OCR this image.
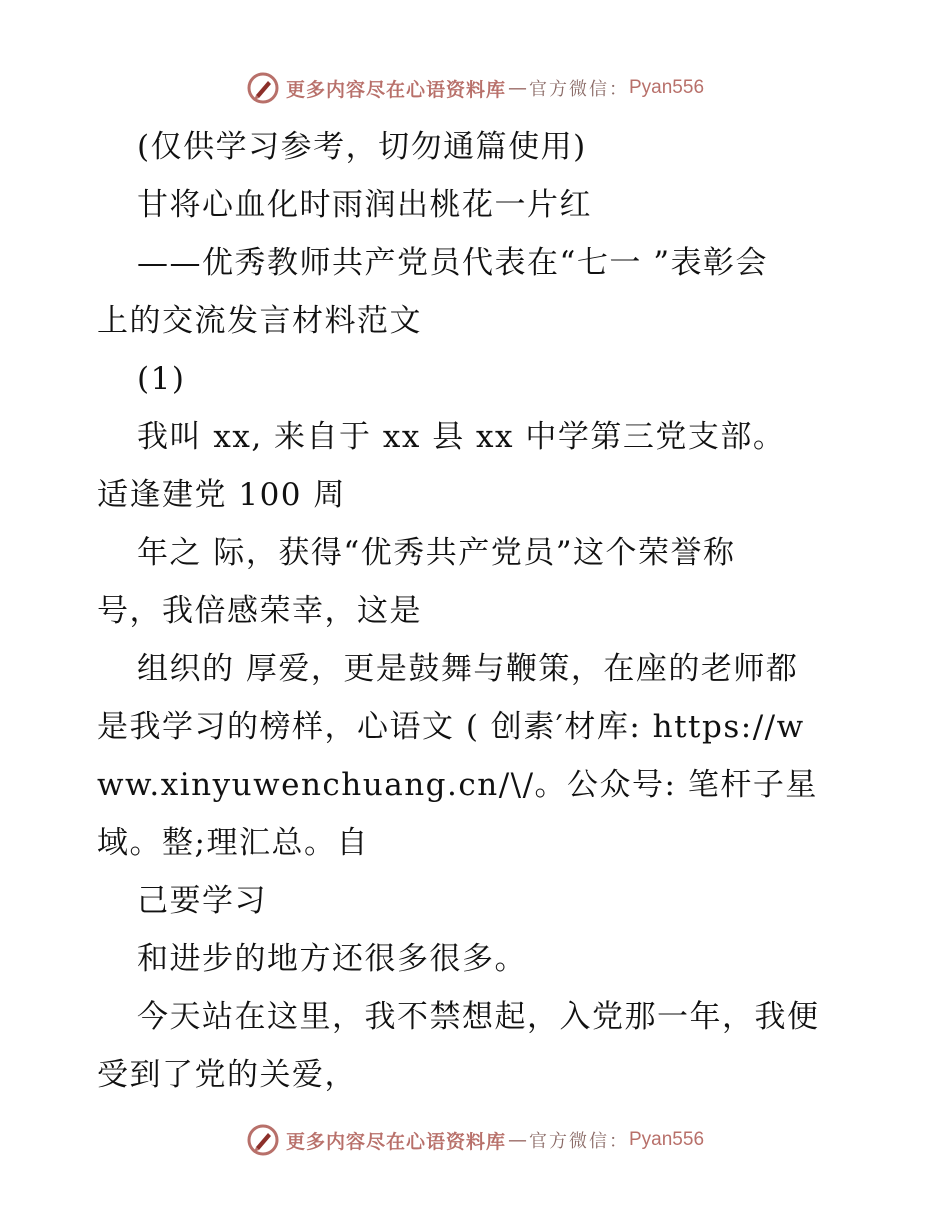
更多内容尽在心语资料库 — 官方微信： Pyan556

(仅供学习参考，切勿通篇使用)

甘将心血化时雨润出桃花一片红

——优秀教师共产党员代表在“七一 ”表彰会

上的交流发言材料范文

(1)

我叫 xx, 来自于 xx 县 xx 中学第三党支部。

适逢建党 100 周

年之 际，获得“优秀共产党员”这个荣誉称

号，我倍感荣幸，这是

组织的 厚爱，更是鼓舞与鞭策，在座的老师都

是我学习的榜样，心语文 ( 创素′材库: https://w

ww.xinyuwenchuang.cn/\/。公众号: 笔杆子星

域。整;理汇总。自

己要学习

和进步的地方还很多很多。

今天站在这里，我不禁想起，入党那一年，我便

受到了党的关爱，

更多内容尽在心语资料库 — 官方微信： Pyan556
